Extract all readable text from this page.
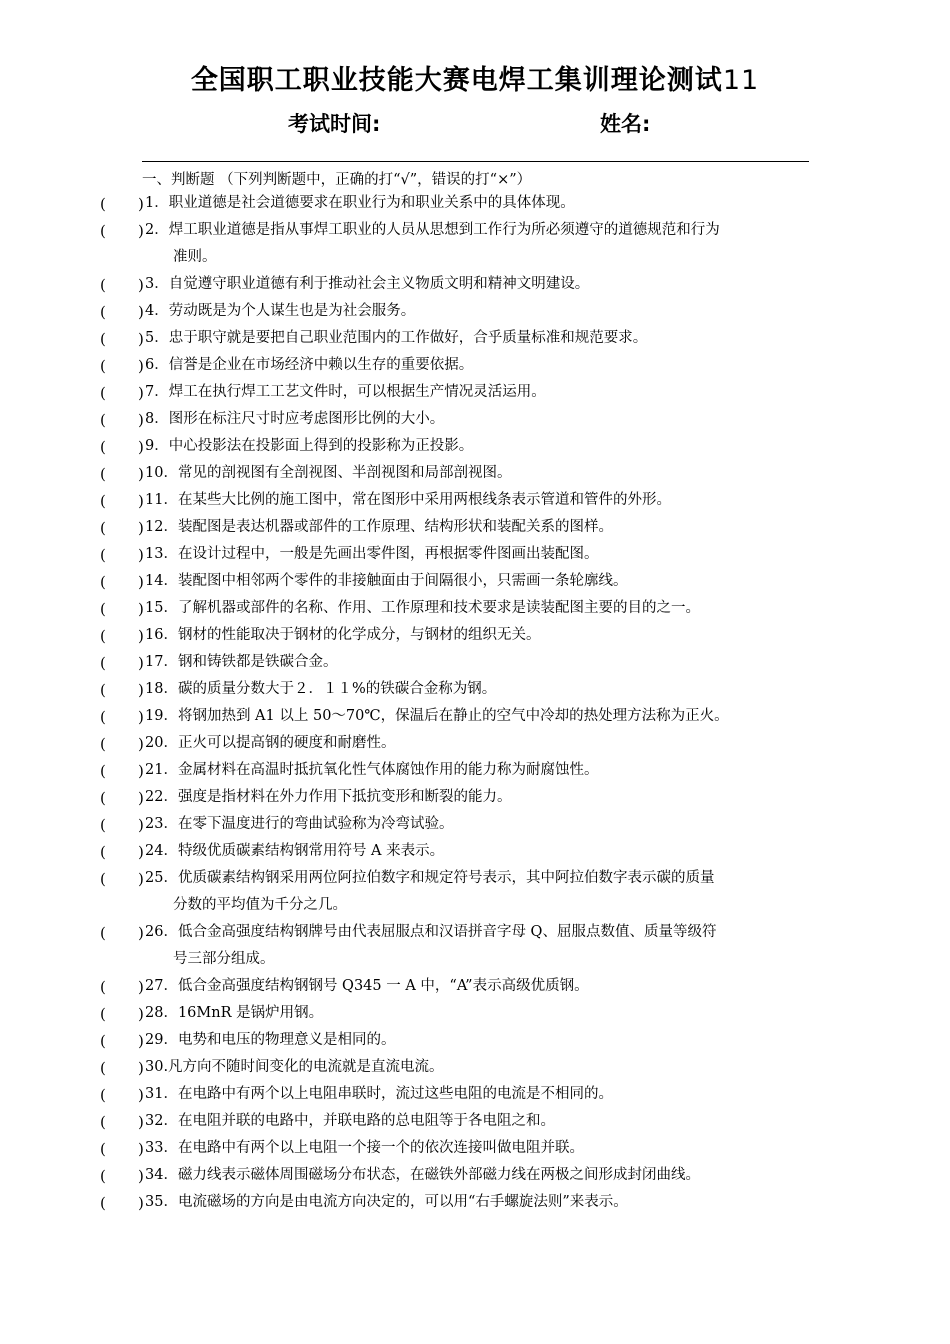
全国职工职业技能大赛电焊工集训理论测试11
考试时间:	姓名:
一、判断题 （下列判断题中，正确的打“√”，错误的打“×”）
( ) 1．职业道德是社会道德要求在职业行为和职业关系中的具体体现。
( ) 2．焊工职业道德是指从事焊工职业的人员从思想到工作行为所必须遵守的道德规范和行为
准则。
( ) 3．自觉遵守职业道德有利于推动社会主义物质文明和精神文明建设。
( ) 4．劳动既是为个人谋生也是为社会服务。
( ) 5．忠于职守就是要把自己职业范围内的工作做好，合乎质量标准和规范要求。
( ) 6．信誉是企业在市场经济中赖以生存的重要依据。
( ) 7．焊工在执行焊工工艺文件时，可以根据生产情况灵活运用。
( ) 8．图形在标注尺寸时应考虑图形比例的大小。
( ) 9．中心投影法在投影面上得到的投影称为正投影。
( ) 10．常见的剖视图有全剖视图、半剖视图和局部剖视图。
( ) 11．在某些大比例的施工图中，常在图形中采用两根线条表示管道和管件的外形。
( ) 12．装配图是表达机器或部件的工作原理、结构形状和装配关系的图样。
( ) 13．在设计过程中，一般是先画出零件图，再根据零件图画出装配图。
( ) 14．装配图中相邻两个零件的非接触面由于间隔很小，只需画一条轮廓线。
( ) 15．了解机器或部件的名称、作用、工作原理和技术要求是读装配图主要的目的之一。
( ) 16．钢材的性能取决于钢材的化学成分，与钢材的组织无关。
( ) 17．钢和铸铁都是铁碳合金。
( ) 18．碳的质量分数大于２．１１%的铁碳合金称为钢。
( ) 19．将钢加热到 A1 以上 50～70℃，保温后在静止的空气中冷却的热处理方法称为正火。
( ) 20．正火可以提高钢的硬度和耐磨性。
( ) 21．金属材料在高温时抵抗氧化性气体腐蚀作用的能力称为耐腐蚀性。
( ) 22．强度是指材料在外力作用下抵抗变形和断裂的能力。
( ) 23．在零下温度进行的弯曲试验称为冷弯试验。
( ) 24．特级优质碳素结构钢常用符号 A 来表示。
( ) 25．优质碳素结构钢采用两位阿拉伯数字和规定符号表示，其中阿拉伯数字表示碳的质量
分数的平均值为千分之几。
( ) 26．低合金高强度结构钢牌号由代表屈服点和汉语拼音字母 Q、屈服点数值、质量等级符
号三部分组成。
( ) 27．低合金高强度结构钢钢号 Q345 一 A 中，“A”表示高级优质钢。
( ) 28．16MnR 是锅炉用钢。
( ) 29．电势和电压的物理意义是相同的。
( ) 30.凡方向不随时间变化的电流就是直流电流。
( ) 31．在电路中有两个以上电阻串联时，流过这些电阻的电流是不相同的。
( ) 32．在电阻并联的电路中，并联电路的总电阻等于各电阻之和。
( ) 33．在电路中有两个以上电阻一个接一个的依次连接叫做电阻并联。
( ) 34．磁力线表示磁体周围磁场分布状态，在磁铁外部磁力线在两极之间形成封闭曲线。
( ) 35．电流磁场的方向是由电流方向决定的，可以用“右手螺旋法则”来表示。
